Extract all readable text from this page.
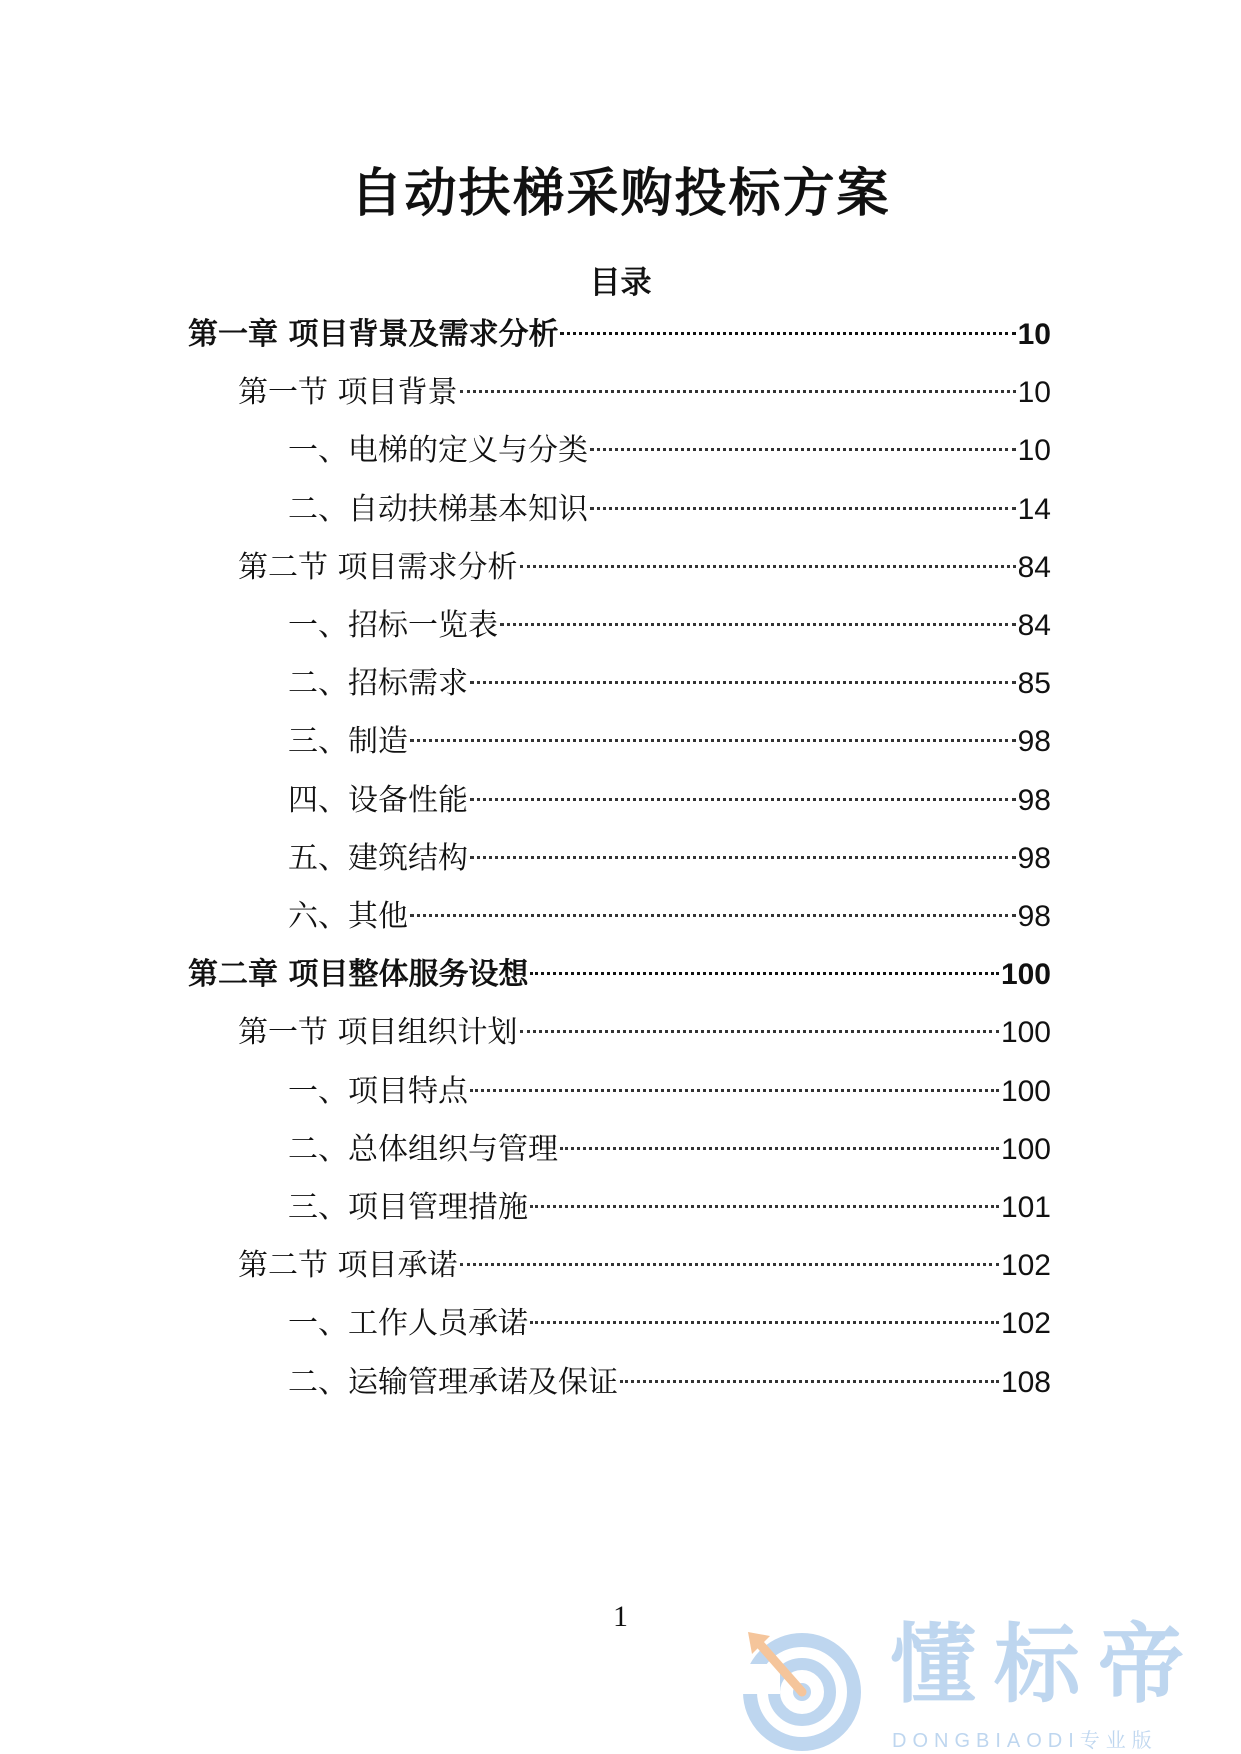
自动扶梯采购投标方案
目录
第一章 项目背景及需求分析	10
第一节 项目背景	10
一、电梯的定义与分类	10
二、自动扶梯基本知识	14
第二节 项目需求分析	84
一、招标一览表	84
二、招标需求	85
三、制造	98
四、设备性能	98
五、建筑结构	98
六、其他	98
第二章 项目整体服务设想	100
第一节 项目组织计划	100
一、项目特点	100
二、总体组织与管理	100
三、项目管理措施	101
第二节 项目承诺	102
一、工作人员承诺	102
二、运输管理承诺及保证	108
1	懂标帝
DONGBIAODI专业版
